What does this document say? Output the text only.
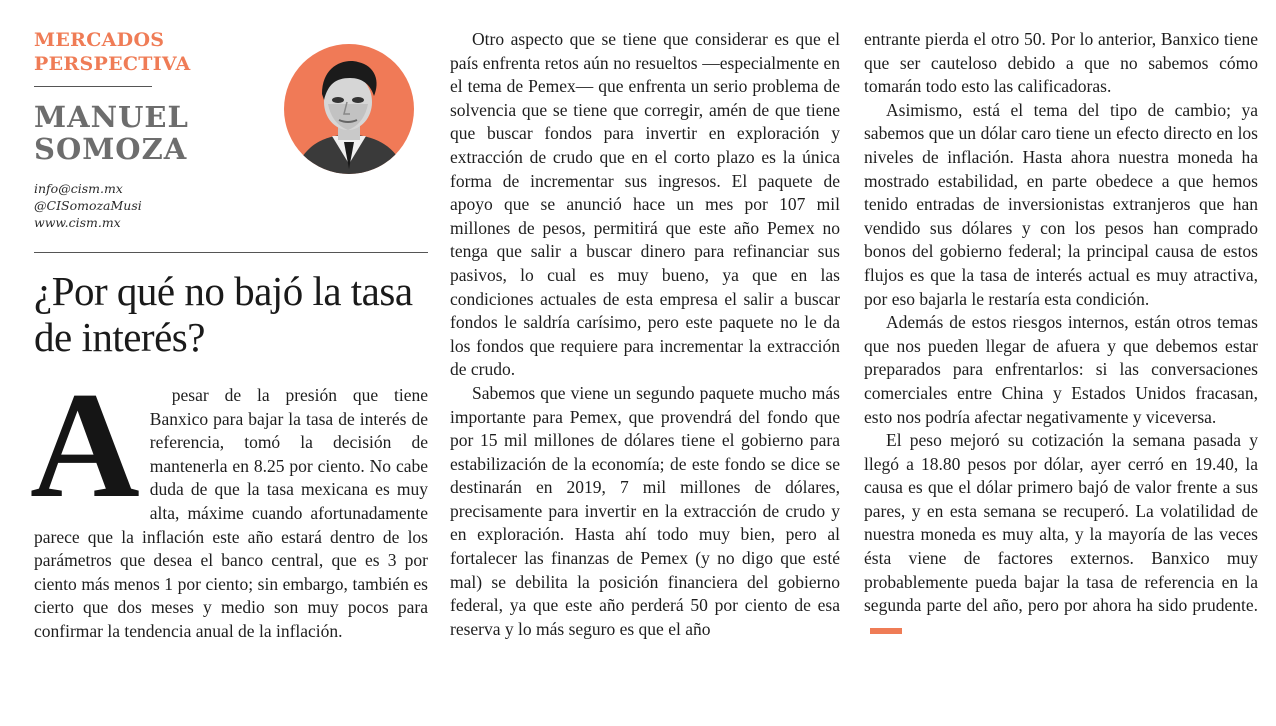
MERCADOS
PERSPECTIVA
MANUEL
SOMOZA
info@cism.mx
@CISomozaMusi
www.cism.mx
¿Por qué no bajó la tasa de interés?
A	pesar de la presión que tiene Banxico para bajar la tasa de interés de referencia, tomó la decisión de mantenerla en 8.25 por ciento. No cabe duda de que la tasa mexicana es muy alta, máxime cuando afortunadamente parece que la inflación este año estará dentro de los parámetros que desea el banco central, que es 3 por ciento más menos 1 por ciento; sin embargo, también es cierto que dos meses y medio son muy pocos para confirmar la tendencia anual de la inflación.

Otro aspecto que se tiene que considerar es que el país enfrenta retos aún no resueltos —especialmente en el tema de Pemex— que enfrenta un serio problema de solvencia que se tiene que corregir, amén de que tiene que buscar fondos para invertir en exploración y extracción de crudo que en el corto plazo es la única forma de incrementar sus ingresos. El paquete de apoyo que se anunció hace un mes por 107 mil millones de pesos, permitirá que este año Pemex no tenga que salir a buscar dinero para refinanciar sus pasivos, lo cual es muy bueno, ya que en las condiciones actuales de esta empresa el salir a buscar fondos le saldría carísimo, pero este paquete no le da los fondos que requiere para incrementar la extracción de crudo.

Sabemos que viene un segundo paquete mucho más importante para Pemex, que provendrá del fondo que por 15 mil millones de dólares tiene el gobierno para estabilización de la economía; de este fondo se dice se destinarán en 2019, 7 mil millones de dólares, precisamente para invertir en la extracción de crudo y en exploración. Hasta ahí todo muy bien, pero al fortalecer las finanzas de Pemex (y no digo que esté mal) se debilita la posición financiera del gobierno federal, ya que este año perderá 50 por ciento de esa reserva y lo más seguro es que el año

entrante pierda el otro 50. Por lo anterior, Banxico tiene que ser cauteloso debido a que no sabemos cómo tomarán todo esto las calificadoras.

Asimismo, está el tema del tipo de cambio; ya sabemos que un dólar caro tiene un efecto directo en los niveles de inflación. Hasta ahora nuestra moneda ha mostrado estabilidad, en parte obedece a que hemos tenido entradas de inversionistas extranjeros que han vendido sus dólares y con los pesos han comprado bonos del gobierno federal; la principal causa de estos flujos es que la tasa de interés actual es muy atractiva, por eso bajarla le restaría esta condición.

Además de estos riesgos internos, están otros temas que nos pueden llegar de afuera y que debemos estar preparados para enfrentarlos: si las conversaciones comerciales entre China y Estados Unidos fracasan, esto nos podría afectar negativamente y viceversa.

El peso mejoró su cotización la semana pasada y llegó a 18.80 pesos por dólar, ayer cerró en 19.40, la causa es que el dólar primero bajó de valor frente a sus pares, y en esta semana se recuperó. La volatilidad de nuestra moneda es muy alta, y la mayoría de las veces ésta viene de factores externos. Banxico muy probablemente pueda bajar la tasa de referencia en la segunda parte del año, pero por ahora ha sido prudente.
